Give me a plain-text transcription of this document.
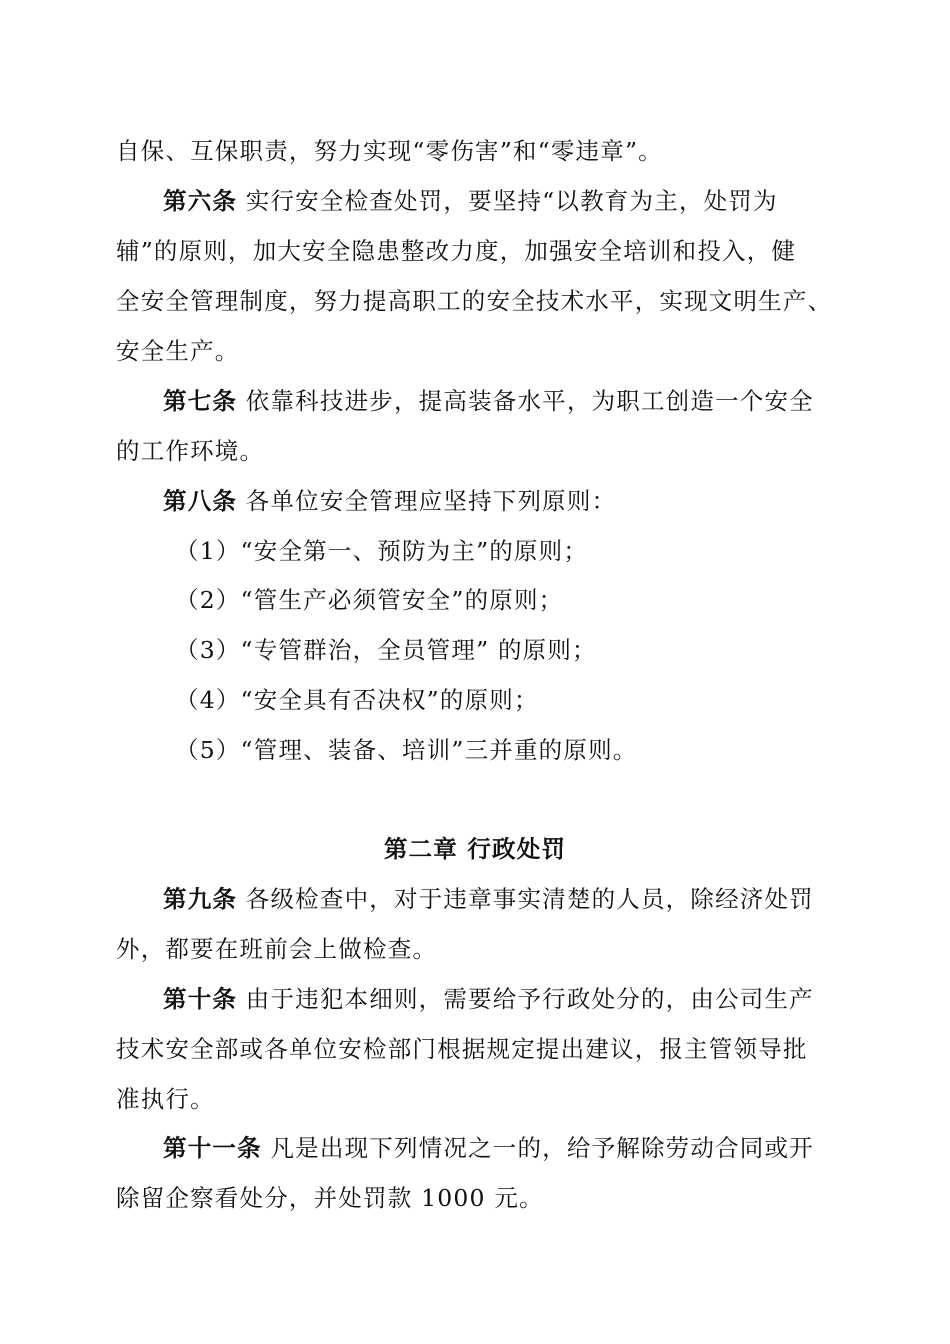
自保、互保职责，努力实现“零伤害”和“零违章”。
第六条 实行安全检查处罚，要坚持“以教育为主，处罚为
辅”的原则，加大安全隐患整改力度，加强安全培训和投入，健
全安全管理制度，努力提高职工的安全技术水平，实现文明生产、
安全生产。
第七条 依靠科技进步，提高装备水平，为职工创造一个安全
的工作环境。
第八条 各单位安全管理应坚持下列原则：
（1）“安全第一、预防为主”的原则；
（2）“管生产必须管安全”的原则；
（3）“专管群治，全员管理” 的原则；
（4）“安全具有否决权”的原则；
（5）“管理、装备、培训”三并重的原则。
第二章 行政处罚
第九条 各级检查中，对于违章事实清楚的人员，除经济处罚
外，都要在班前会上做检查。
第十条 由于违犯本细则，需要给予行政处分的，由公司生产
技术安全部或各单位安检部门根据规定提出建议，报主管领导批
准执行。
第十一条 凡是出现下列情况之一的，给予解除劳动合同或开
除留企察看处分，并处罚款 1000 元。
